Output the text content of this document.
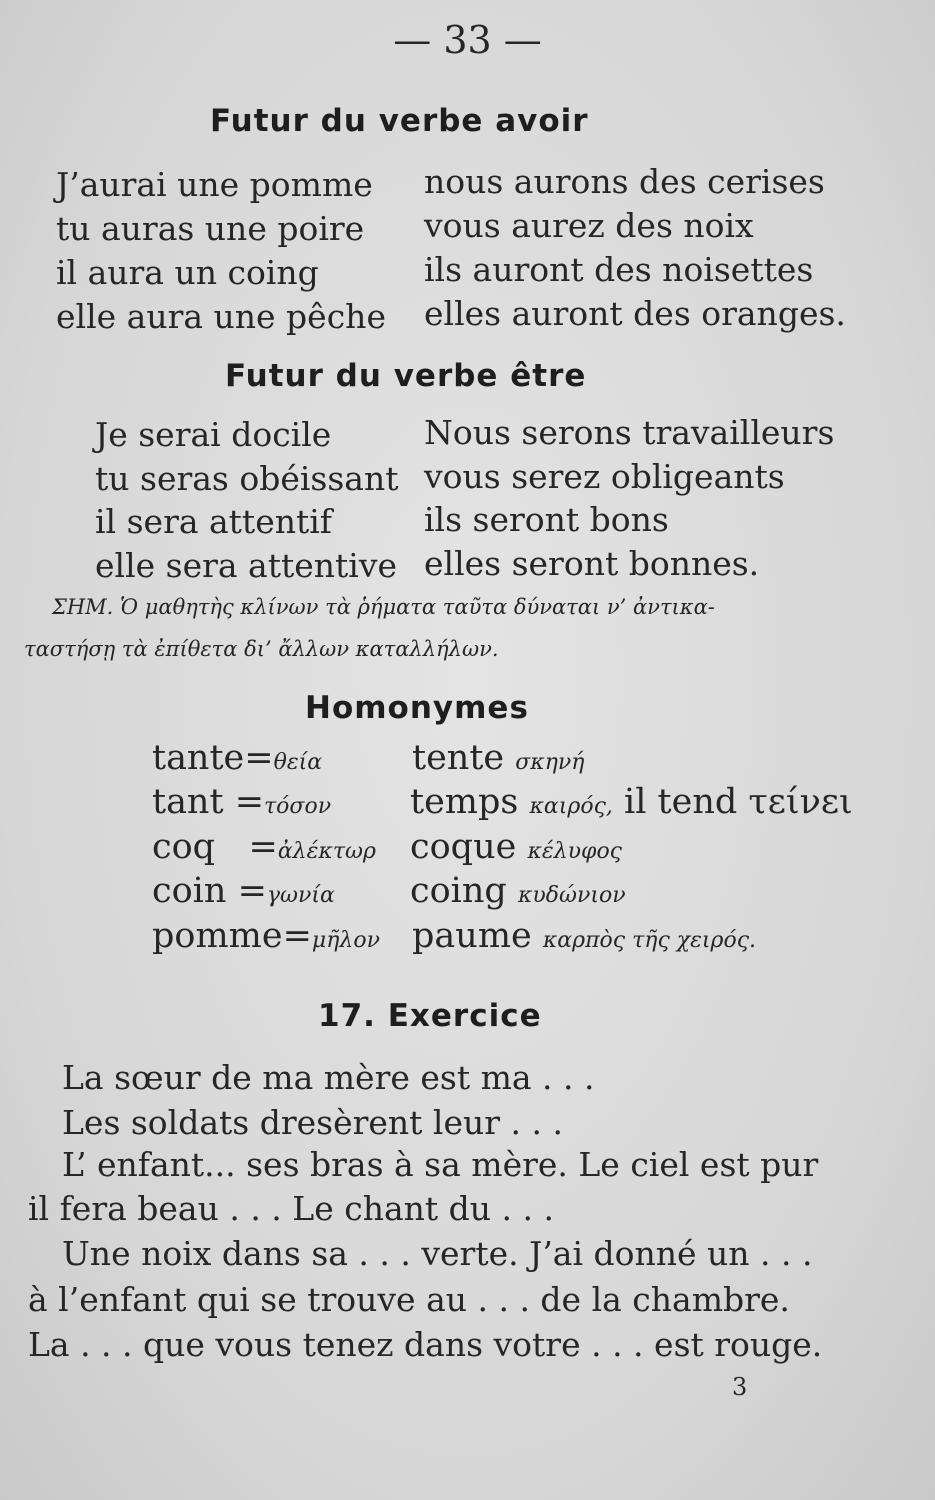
— 33 —
Futur du verbe avoir
J’aurai une pomme
tu auras une poire
il aura un coing
elle aura une pêche
nous aurons des cerises
vous aurez des noix
ils auront des noisettes
elles auront des oranges.
Futur du verbe être
Je serai docile
tu seras obéissant
il sera attentif
elle sera attentive
Nous serons travailleurs
vous serez obligeants
ils seront bons
elles seront bonnes.
ΣΗΜ. Ὁ μαθητὴς κλίνων τὰ ῥήματα ταῦτα δύναται ν’ ἀντικα-
ταστήσῃ τὰ ἐπίθετα δι’ ἄλλων καταλλήλων.
Homonymes
tante=θεία	tente σκηνή
tant =τόσον temps καιρός, il tend τείνει
coq =ἀλέκτωρ coque κέλυφος
coin =γωνία coing κυδώνιον
pomme=μῆλον paume καρπὸς τῆς χειρός.
17. Exercice
La sœur de ma mère est ma . . .
Les soldats dresèrent leur . . .
L’ enfant... ses bras à sa mère. Le ciel est pur
il fera beau . . . Le chant du . . .
Une noix dans sa . . . verte. J’ai donné un . . .
à l’enfant qui se trouve au . . . de la chambre.
La . . . que vous tenez dans votre . . . est rouge.
3
